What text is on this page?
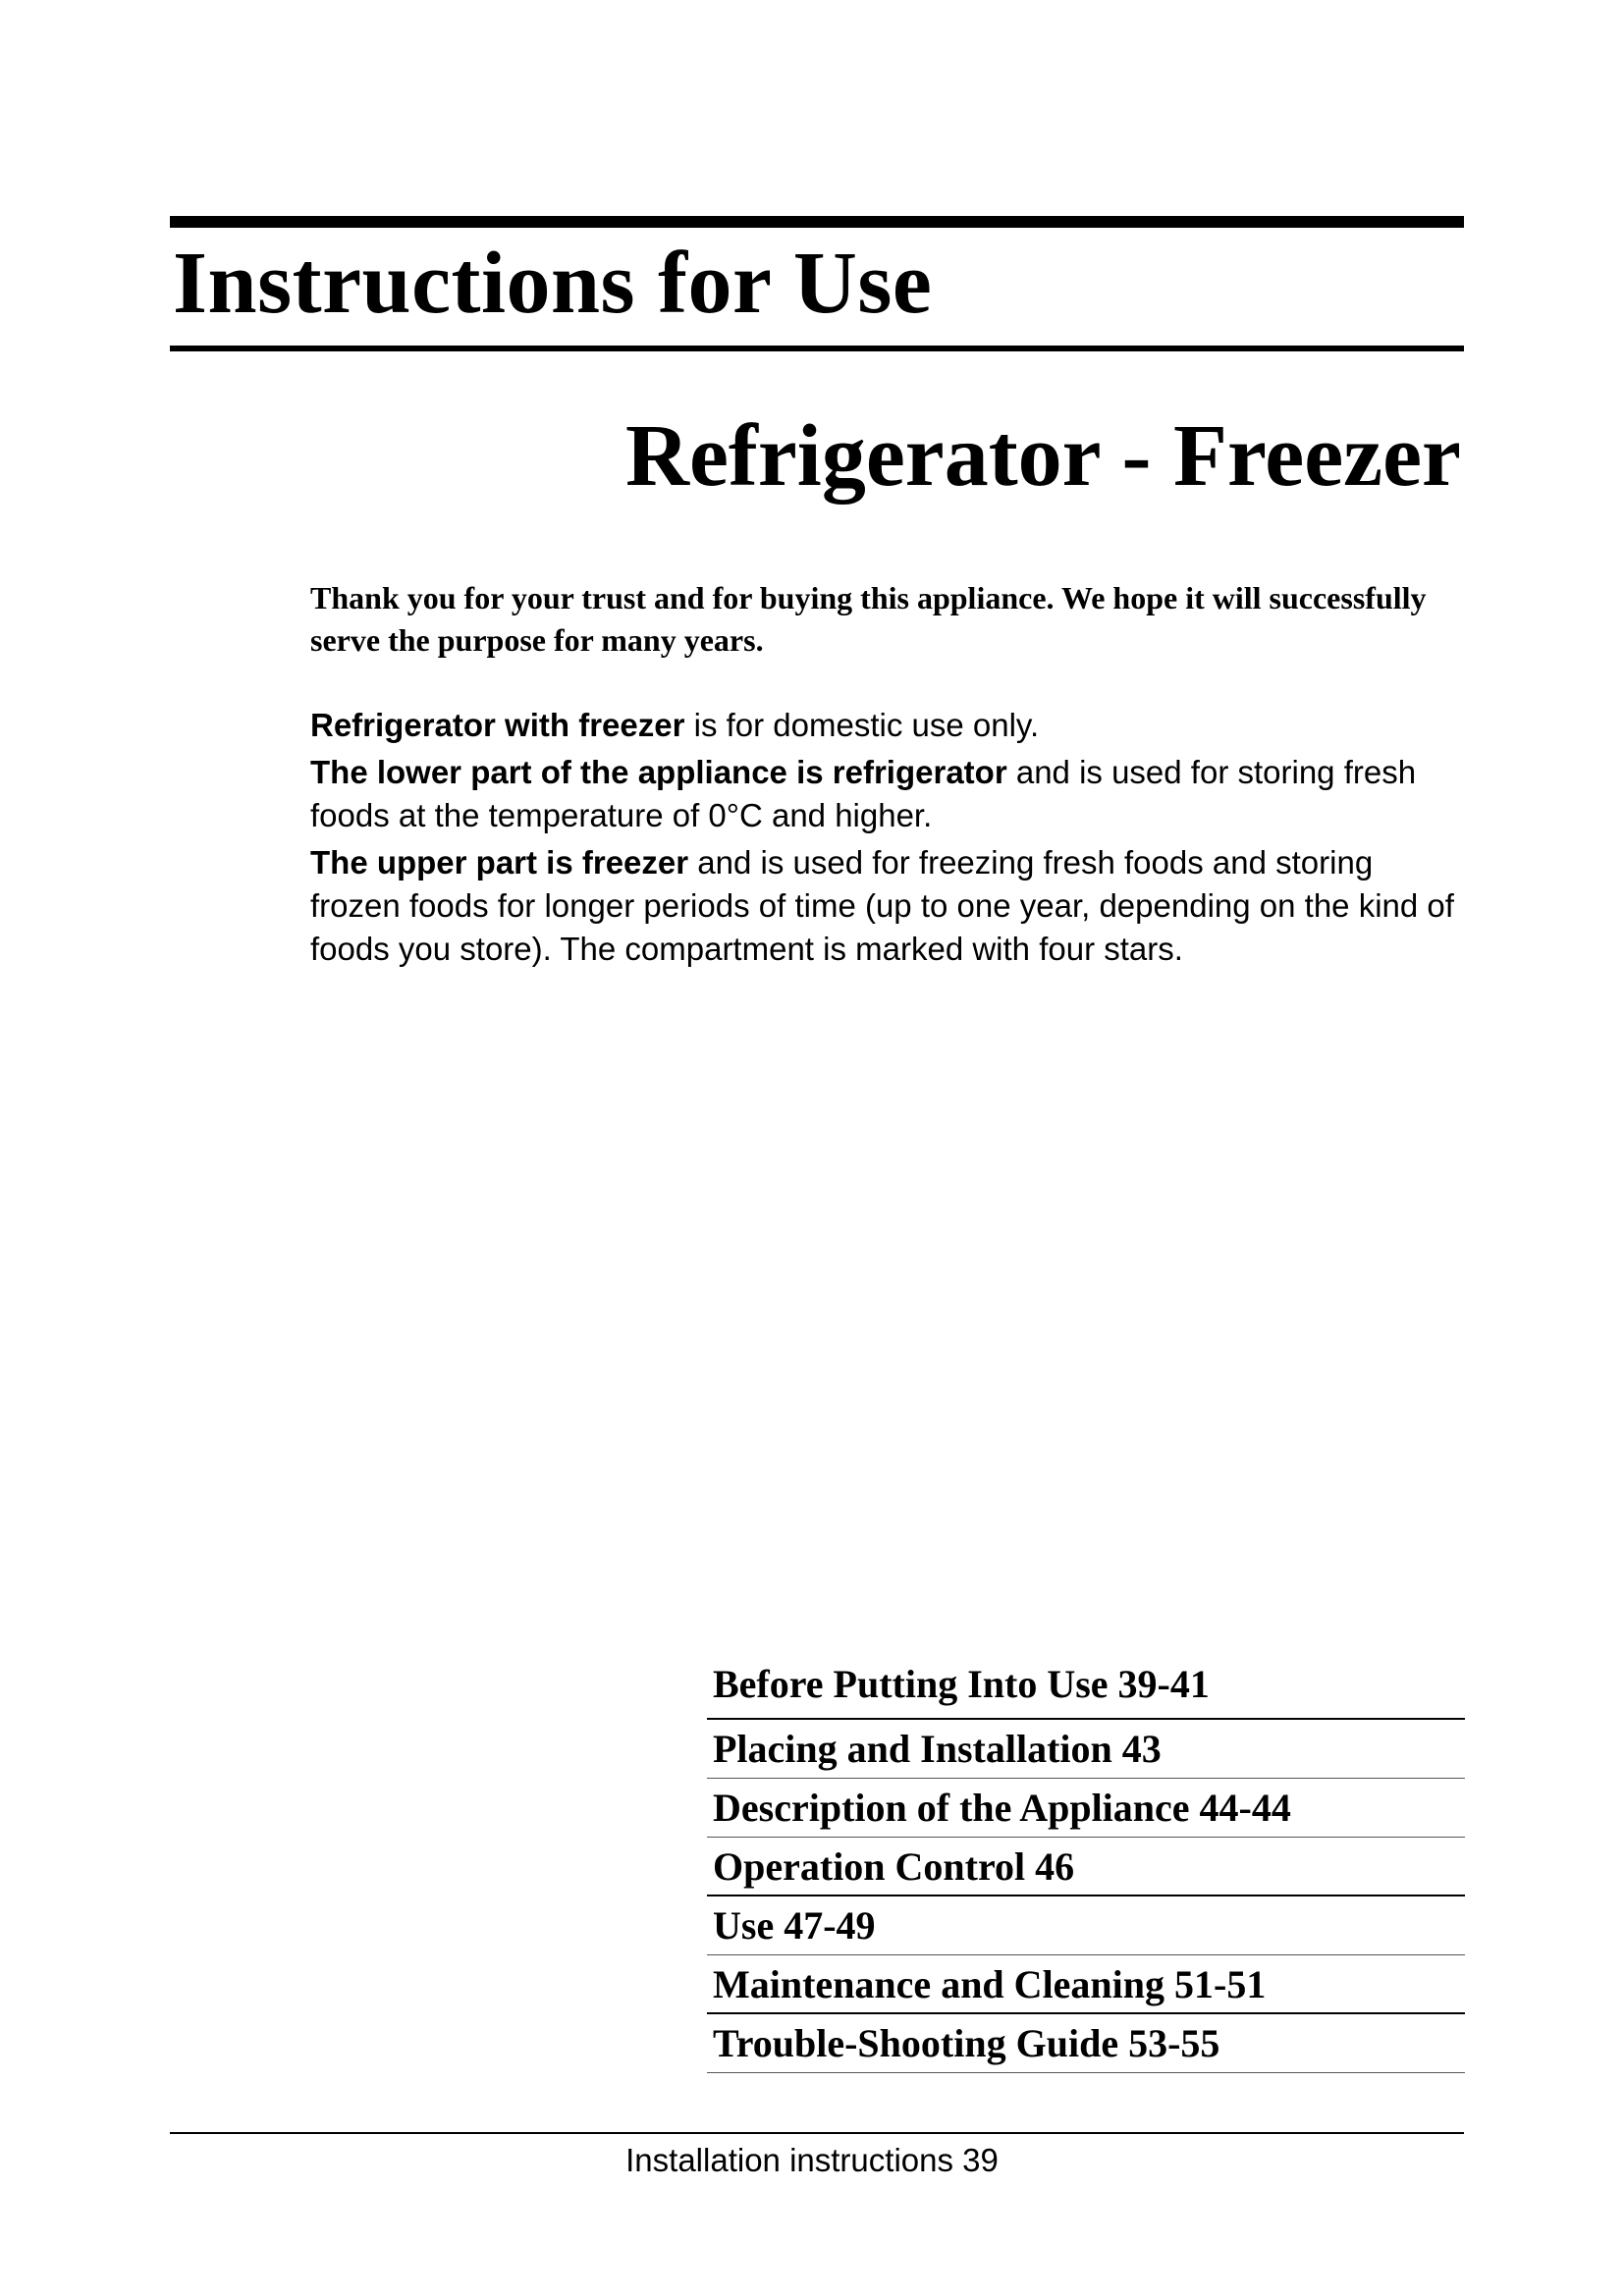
Instructions for Use
Refrigerator - Freezer

Thank you for your trust and for buying this appliance. We hope it will successfully serve the purpose for many years.

Refrigerator with freezer is for domestic use only.

The lower part of the appliance is refrigerator and is used for storing fresh foods at the temperature of 0°C and higher.

The upper part is freezer and is used for freezing fresh foods and storing frozen foods for longer periods of time (up to one year, depending on the kind of foods you store). The compartment is marked with four stars.

Before Putting Into Use 39-41
Placing and Installation 43
Description of the Appliance 44-44
Operation Control 46
Use 47-49
Maintenance and Cleaning 51-51
Trouble-Shooting Guide 53-55

Installation instructions 39
